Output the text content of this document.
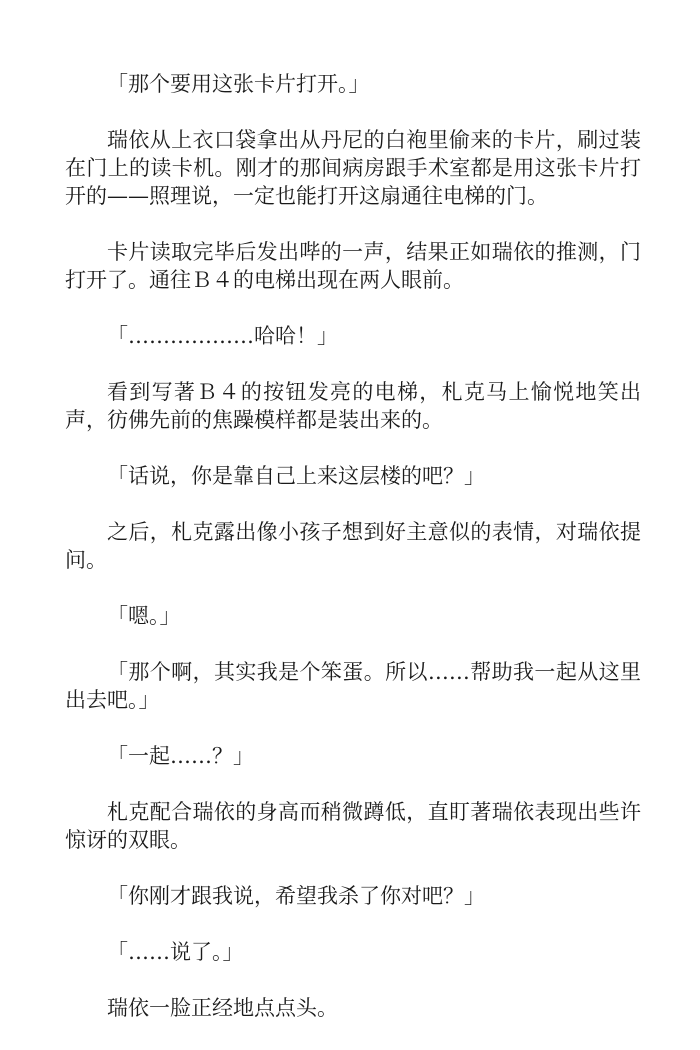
「那个要用这张卡片打开。」

瑞依从上衣口袋拿出从丹尼的白袍里偷来的卡片，刷过装在门上的读卡机。刚才的那间病房跟手术室都是用这张卡片打开的——照理说，一定也能打开这扇通往电梯的门。

卡片读取完毕后发出哔的一声，结果正如瑞依的推测，门打开了。通往Ｂ４的电梯出现在两人眼前。

「………………哈哈！」

看到写著Ｂ４的按钮发亮的电梯，札克马上愉悦地笑出声，彷佛先前的焦躁模样都是装出来的。

「话说，你是靠自己上来这层楼的吧？」

之后，札克露出像小孩子想到好主意似的表情，对瑞依提问。

「嗯。」

「那个啊，其实我是个笨蛋。所以……帮助我一起从这里出去吧。」

「一起……？」

札克配合瑞依的身高而稍微蹲低，直盯著瑞依表现出些许惊讶的双眼。

「你刚才跟我说，希望我杀了你对吧？」

「……说了。」

瑞依一脸正经地点点头。
